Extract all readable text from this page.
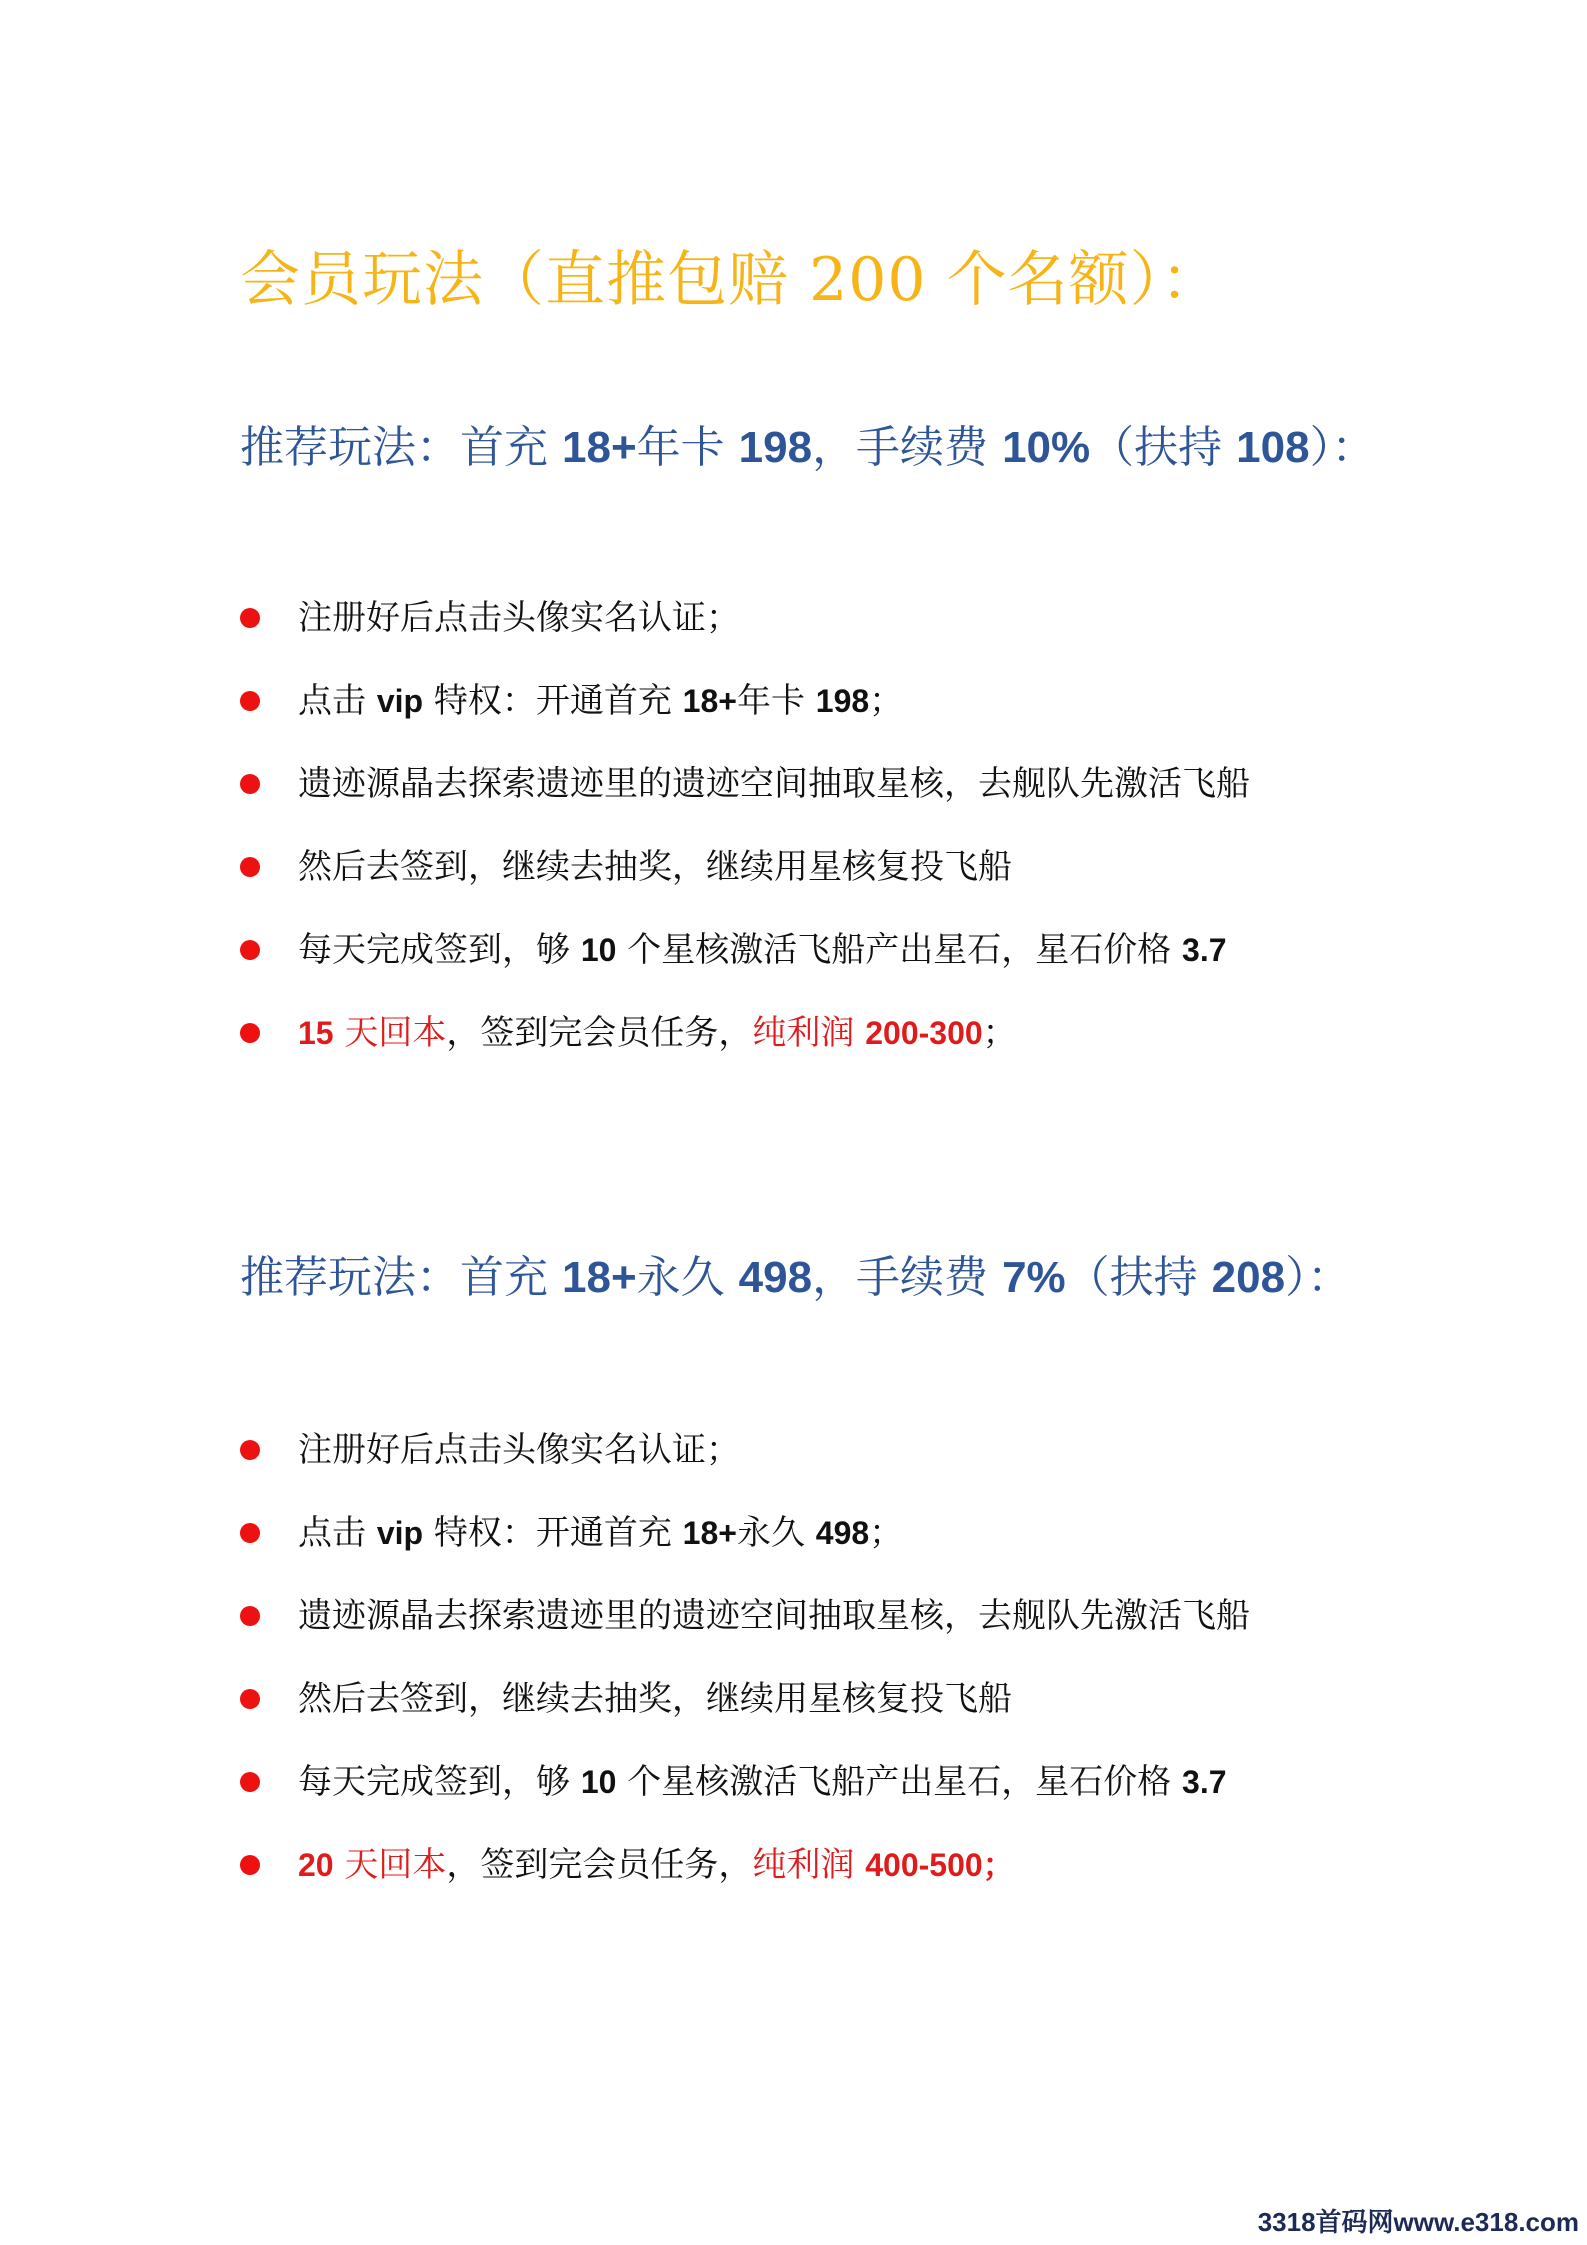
会员玩法（直推包赔 200 个名额）：
推荐玩法：首充 18+年卡 198，手续费 10%（扶持 108）：
注册好后点击头像实名认证；
点击 vip 特权：开通首充 18+年卡 198；
遗迹源晶去探索遗迹里的遗迹空间抽取星核，去舰队先激活飞船
然后去签到，继续去抽奖，继续用星核复投飞船
每天完成签到，够 10 个星核激活飞船产出星石，星石价格 3.7
15 天回本，签到完会员任务，纯利润 200-300；
推荐玩法：首充 18+永久 498，手续费 7%（扶持 208）：
注册好后点击头像实名认证；
点击 vip 特权：开通首充 18+永久 498；
遗迹源晶去探索遗迹里的遗迹空间抽取星核，去舰队先激活飞船
然后去签到，继续去抽奖，继续用星核复投飞船
每天完成签到，够 10 个星核激活飞船产出星石，星石价格 3.7
20 天回本，签到完会员任务，纯利润 400-500；
3318首码网www.e318.com
